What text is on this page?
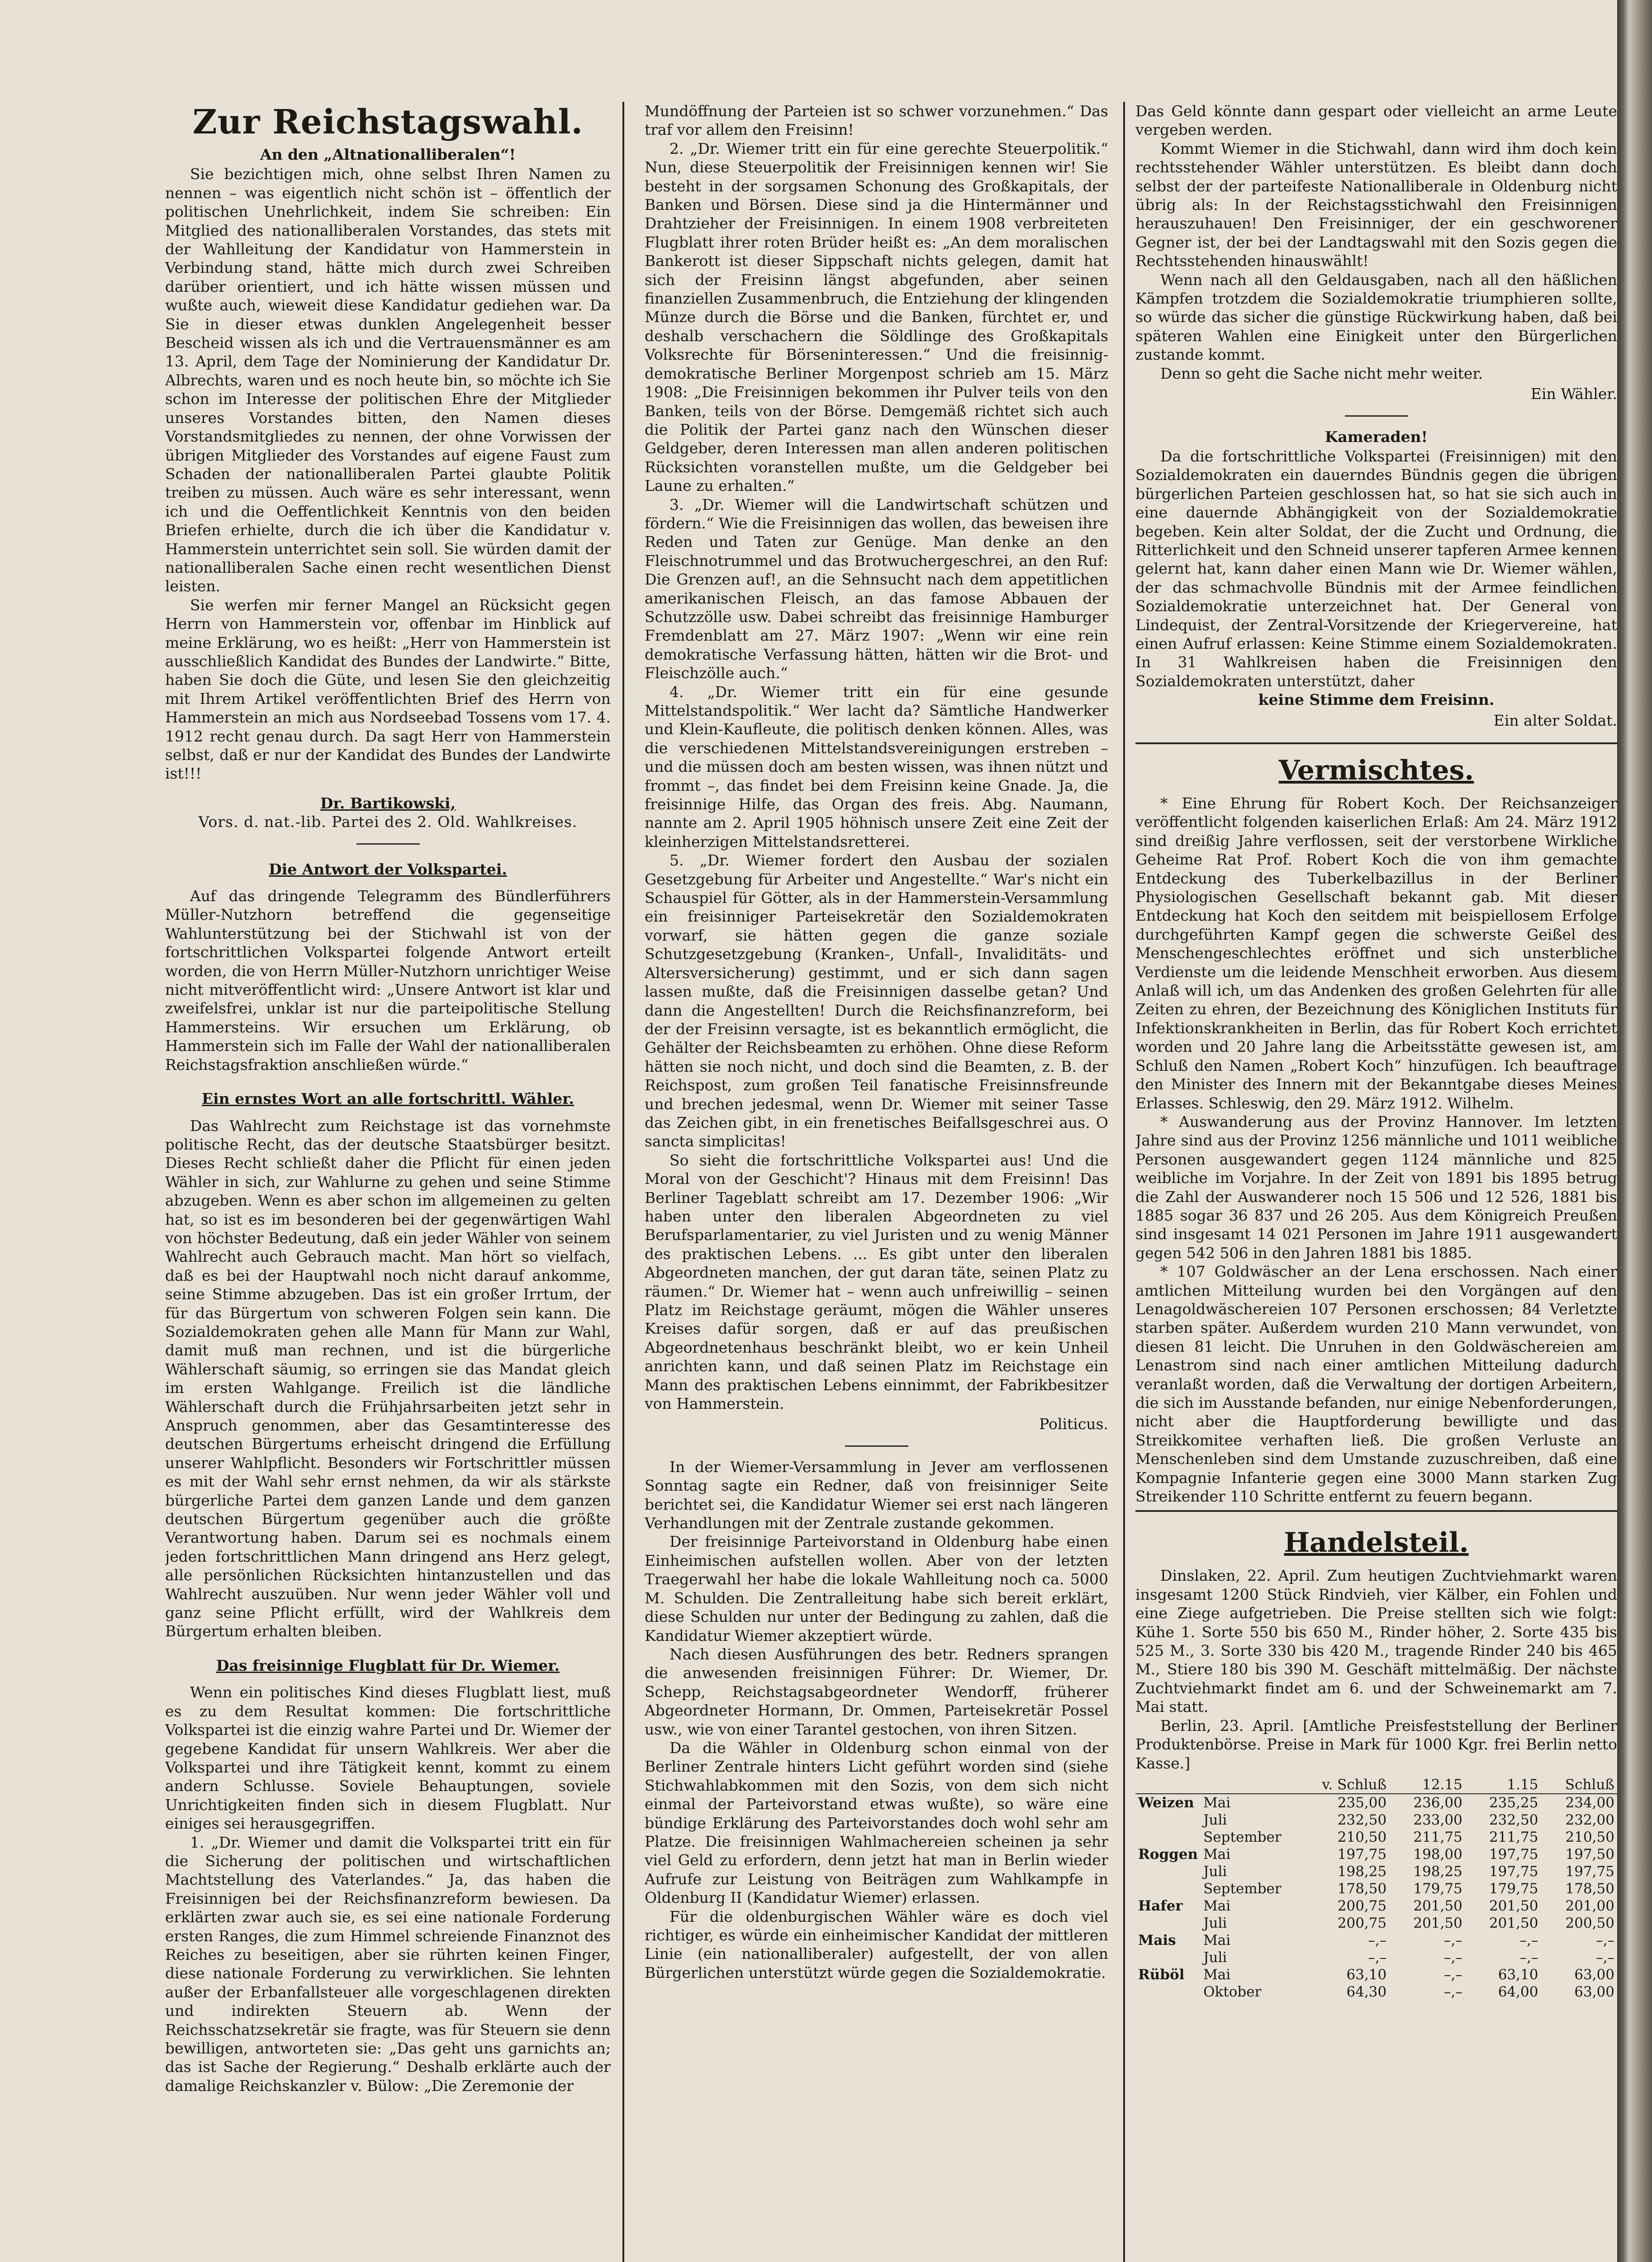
Zur Reichstagswahl.
An den „Altnationalliberalen“!

Sie bezichtigen mich, ohne selbst Ihren Namen zu nennen – was eigentlich nicht schön ist – öffentlich der politischen Unehrlichkeit, indem Sie schreiben: Ein Mitglied des nationalliberalen Vorstandes, das stets mit der Wahlleitung der Kandidatur von Hammerstein in Verbindung stand, hätte mich durch zwei Schreiben darüber orientiert, und ich hätte wissen müssen und wußte auch, wieweit diese Kandidatur gediehen war. Da Sie in dieser etwas dunklen Angelegenheit besser Bescheid wissen als ich und die Vertrauensmänner es am 13. April, dem Tage der Nominierung der Kandidatur Dr. Albrechts, waren und es noch heute bin, so möchte ich Sie schon im Interesse der politischen Ehre der Mitglieder unseres Vorstandes bitten, den Namen dieses Vorstandsmitgliedes zu nennen, der ohne Vorwissen der übrigen Mitglieder des Vorstandes auf eigene Faust zum Schaden der nationalliberalen Partei glaubte Politik treiben zu müssen. Auch wäre es sehr interessant, wenn ich und die Oeffentlichkeit Kenntnis von den beiden Briefen erhielte, durch die ich über die Kandidatur v. Hammerstein unterrichtet sein soll. Sie würden damit der nationalliberalen Sache einen recht wesentlichen Dienst leisten.

Sie werfen mir ferner Mangel an Rücksicht gegen Herrn von Hammerstein vor, offenbar im Hinblick auf meine Erklärung, wo es heißt: „Herr von Hammerstein ist ausschließlich Kandidat des Bundes der Landwirte.“ Bitte, haben Sie doch die Güte, und lesen Sie den gleichzeitig mit Ihrem Artikel veröffentlichten Brief des Herrn von Hammerstein an mich aus Nordseebad Tossens vom 17. 4. 1912 recht genau durch. Da sagt Herr von Hammerstein selbst, daß er nur der Kandidat des Bundes der Landwirte ist!!!

Dr. Bartikowski,
Vors. d. nat.-lib. Partei des 2. Old. Wahlkreises.
Die Antwort der Volkspartei.

Auf das dringende Telegramm des Bündlerführers Müller-Nutzhorn betreffend die gegenseitige Wahlunterstützung bei der Stichwahl ist von der fortschrittlichen Volkspartei folgende Antwort erteilt worden, die von Herrn Müller-Nutzhorn unrichtiger Weise nicht mitveröffentlicht wird: „Unsere Antwort ist klar und zweifelsfrei, unklar ist nur die parteipolitische Stellung Hammersteins. Wir ersuchen um Erklärung, ob Hammerstein sich im Falle der Wahl der nationalliberalen Reichstagsfraktion anschließen würde.“

Ein ernstes Wort an alle fortschrittl. Wähler.

Das Wahlrecht zum Reichstage ist das vornehmste politische Recht, das der deutsche Staatsbürger besitzt. Dieses Recht schließt daher die Pflicht für einen jeden Wähler in sich, zur Wahlurne zu gehen und seine Stimme abzugeben. Wenn es aber schon im allgemeinen zu gelten hat, so ist es im besonderen bei der gegenwärtigen Wahl von höchster Bedeutung, daß ein jeder Wähler von seinem Wahlrecht auch Gebrauch macht. Man hört so vielfach, daß es bei der Hauptwahl noch nicht darauf ankomme, seine Stimme abzugeben. Das ist ein großer Irrtum, der für das Bürgertum von schweren Folgen sein kann. Die Sozialdemokraten gehen alle Mann für Mann zur Wahl, damit muß man rechnen, und ist die bürgerliche Wählerschaft säumig, so erringen sie das Mandat gleich im ersten Wahlgange. Freilich ist die ländliche Wählerschaft durch die Frühjahrsarbeiten jetzt sehr in Anspruch genommen, aber das Gesamtinteresse des deutschen Bürgertums erheischt dringend die Erfüllung unserer Wahlpflicht. Besonders wir Fortschrittler müssen es mit der Wahl sehr ernst nehmen, da wir als stärkste bürgerliche Partei dem ganzen Lande und dem ganzen deutschen Bürgertum gegenüber auch die größte Verantwortung haben. Darum sei es nochmals einem jeden fortschrittlichen Mann dringend ans Herz gelegt, alle persönlichen Rücksichten hintanzustellen und das Wahlrecht auszuüben. Nur wenn jeder Wähler voll und ganz seine Pflicht erfüllt, wird der Wahlkreis dem Bürgertum erhalten bleiben.

Das freisinnige Flugblatt für Dr. Wiemer.

Wenn ein politisches Kind dieses Flugblatt liest, muß es zu dem Resultat kommen: Die fortschrittliche Volkspartei ist die einzig wahre Partei und Dr. Wiemer der gegebene Kandidat für unsern Wahlkreis. Wer aber die Volkspartei und ihre Tätigkeit kennt, kommt zu einem andern Schlusse. Soviele Behauptungen, soviele Unrichtigkeiten finden sich in diesem Flugblatt. Nur einiges sei herausgegriffen.

1. „Dr. Wiemer und damit die Volkspartei tritt ein für die Sicherung der politischen und wirtschaftlichen Machtstellung des Vaterlandes.“ Ja, das haben die Freisinnigen bei der Reichsfinanzreform bewiesen. Da erklärten zwar auch sie, es sei eine nationale Forderung ersten Ranges, die zum Himmel schreiende Finanznot des Reiches zu beseitigen, aber sie rührten keinen Finger, diese nationale Forderung zu verwirklichen. Sie lehnten außer der Erbanfallsteuer alle vorgeschlagenen direkten und indirekten Steuern ab. Wenn der Reichsschatzsekretär sie fragte, was für Steuern sie denn bewilligen, antworteten sie: „Das geht uns garnichts an; das ist Sache der Regierung.“ Deshalb erklärte auch der damalige Reichskanzler v. Bülow: „Die Zeremonie der

Mundöffnung der Parteien ist so schwer vorzunehmen.“ Das traf vor allem den Freisinn!

2. „Dr. Wiemer tritt ein für eine gerechte Steuerpolitik.“ Nun, diese Steuerpolitik der Freisinnigen kennen wir! Sie besteht in der sorgsamen Schonung des Großkapitals, der Banken und Börsen. Diese sind ja die Hintermänner und Drahtzieher der Freisinnigen. In einem 1908 verbreiteten Flugblatt ihrer roten Brüder heißt es: „An dem moralischen Bankerott ist dieser Sippschaft nichts gelegen, damit hat sich der Freisinn längst abgefunden, aber seinen finanziellen Zusammenbruch, die Entziehung der klingenden Münze durch die Börse und die Banken, fürchtet er, und deshalb verschachern die Söldlinge des Großkapitals Volksrechte für Börseninteressen.“ Und die freisinnig-demokratische Berliner Morgenpost schrieb am 15. März 1908: „Die Freisinnigen bekommen ihr Pulver teils von den Banken, teils von der Börse. Demgemäß richtet sich auch die Politik der Partei ganz nach den Wünschen dieser Geldgeber, deren Interessen man allen anderen politischen Rücksichten voranstellen mußte, um die Geldgeber bei Laune zu erhalten.“

3. „Dr. Wiemer will die Landwirtschaft schützen und fördern.“ Wie die Freisinnigen das wollen, das beweisen ihre Reden und Taten zur Genüge. Man denke an den Fleischnotrummel und das Brotwuchergeschrei, an den Ruf: Die Grenzen auf!, an die Sehnsucht nach dem appetitlichen amerikanischen Fleisch, an das famose Abbauen der Schutzzölle usw. Dabei schreibt das freisinnige Hamburger Fremdenblatt am 27. März 1907: „Wenn wir eine rein demokratische Verfassung hätten, hätten wir die Brot- und Fleischzölle auch.“

4. „Dr. Wiemer tritt ein für eine gesunde Mittelstandspolitik.“ Wer lacht da? Sämtliche Handwerker und Klein-Kaufleute, die politisch denken können. Alles, was die verschiedenen Mittelstandsvereinigungen erstreben – und die müssen doch am besten wissen, was ihnen nützt und frommt –, das findet bei dem Freisinn keine Gnade. Ja, die freisinnige Hilfe, das Organ des freis. Abg. Naumann, nannte am 2. April 1905 höhnisch unsere Zeit eine Zeit der kleinherzigen Mittelstandsretterei.

5. „Dr. Wiemer fordert den Ausbau der sozialen Gesetzgebung für Arbeiter und Angestellte.“ War's nicht ein Schauspiel für Götter, als in der Hammerstein-Versammlung ein freisinniger Parteisekretär den Sozialdemokraten vorwarf, sie hätten gegen die ganze soziale Schutzgesetzgebung (Kranken-, Unfall-, Invaliditäts- und Altersversicherung) gestimmt, und er sich dann sagen lassen mußte, daß die Freisinnigen dasselbe getan? Und dann die Angestellten! Durch die Reichsfinanzreform, bei der der Freisinn versagte, ist es bekanntlich ermöglicht, die Gehälter der Reichsbeamten zu erhöhen. Ohne diese Reform hätten sie noch nicht, und doch sind die Beamten, z. B. der Reichspost, zum großen Teil fanatische Freisinnsfreunde und brechen jedesmal, wenn Dr. Wiemer mit seiner Tasse das Zeichen gibt, in ein frenetisches Beifallsgeschrei aus. O sancta simplicitas!

So sieht die fortschrittliche Volkspartei aus! Und die Moral von der Geschicht'? Hinaus mit dem Freisinn! Das Berliner Tageblatt schreibt am 17. Dezember 1906: „Wir haben unter den liberalen Abgeordneten zu viel Berufsparlamentarier, zu viel Juristen und zu wenig Männer des praktischen Lebens. ... Es gibt unter den liberalen Abgeordneten manchen, der gut daran täte, seinen Platz zu räumen.“ Dr. Wiemer hat – wenn auch unfreiwillig – seinen Platz im Reichstage geräumt, mögen die Wähler unseres Kreises dafür sorgen, daß er auf das preußischen Abgeordnetenhaus beschränkt bleibt, wo er kein Unheil anrichten kann, und daß seinen Platz im Reichstage ein Mann des praktischen Lebens einnimmt, der Fabrikbesitzer von Hammerstein.

Politicus.

In der Wiemer-Versammlung in Jever am verflossenen Sonntag sagte ein Redner, daß von freisinniger Seite berichtet sei, die Kandidatur Wiemer sei erst nach längeren Verhandlungen mit der Zentrale zustande gekommen.

Der freisinnige Parteivorstand in Oldenburg habe einen Einheimischen aufstellen wollen. Aber von der letzten Traegerwahl her habe die lokale Wahlleitung noch ca. 5000 M. Schulden. Die Zentralleitung habe sich bereit erklärt, diese Schulden nur unter der Bedingung zu zahlen, daß die Kandidatur Wiemer akzeptiert würde.

Nach diesen Ausführungen des betr. Redners sprangen die anwesenden freisinnigen Führer: Dr. Wiemer, Dr. Schepp, Reichstagsabgeordneter Wendorff, früherer Abgeordneter Hormann, Dr. Ommen, Parteisekretär Possel usw., wie von einer Tarantel gestochen, von ihren Sitzen.

Da die Wähler in Oldenburg schon einmal von der Berliner Zentrale hinters Licht geführt worden sind (siehe Stichwahlabkommen mit den Sozis, von dem sich nicht einmal der Parteivorstand etwas wußte), so wäre eine bündige Erklärung des Parteivorstandes doch wohl sehr am Platze. Die freisinnigen Wahlmachereien scheinen ja sehr viel Geld zu erfordern, denn jetzt hat man in Berlin wieder Aufrufe zur Leistung von Beiträgen zum Wahlkampfe in Oldenburg II (Kandidatur Wiemer) erlassen.

Für die oldenburgischen Wähler wäre es doch viel richtiger, es würde ein einheimischer Kandidat der mittleren Linie (ein nationalliberaler) aufgestellt, der von allen Bürgerlichen unterstützt würde gegen die Sozialdemokratie.

Das Geld könnte dann gespart oder vielleicht an arme Leute vergeben werden.

Kommt Wiemer in die Stichwahl, dann wird ihm doch kein rechtsstehender Wähler unterstützen. Es bleibt dann doch selbst der der parteifeste Nationalliberale in Oldenburg nicht übrig als: In der Reichstagsstichwahl den Freisinnigen herauszuhauen! Den Freisinniger, der ein geschworener Gegner ist, der bei der Landtagswahl mit den Sozis gegen die Rechtsstehenden hinauswählt!

Wenn nach all den Geldausgaben, nach all den häßlichen Kämpfen trotzdem die Sozialdemokratie triumphieren sollte, so würde das sicher die günstige Rückwirkung haben, daß bei späteren Wahlen eine Einigkeit unter den Bürgerlichen zustande kommt.

Denn so geht die Sache nicht mehr weiter.

Ein Wähler.
Kameraden!

Da die fortschrittliche Volkspartei (Freisinnigen) mit den Sozialdemokraten ein dauerndes Bündnis gegen die übrigen bürgerlichen Parteien geschlossen hat, so hat sie sich auch in eine dauernde Abhängigkeit von der Sozialdemokratie begeben. Kein alter Soldat, der die Zucht und Ordnung, die Ritterlichkeit und den Schneid unserer tapferen Armee kennen gelernt hat, kann daher einen Mann wie Dr. Wiemer wählen, der das schmachvolle Bündnis mit der Armee feindlichen Sozialdemokratie unterzeichnet hat. Der General von Lindequist, der Zentral-Vorsitzende der Kriegervereine, hat einen Aufruf erlassen: Keine Stimme einem Sozialdemokraten. In 31 Wahlkreisen haben die Freisinnigen den Sozialdemokraten unterstützt, daher

keine Stimme dem Freisinn.
Ein alter Soldat.
Vermischtes.

* Eine Ehrung für Robert Koch. Der Reichsanzeiger veröffentlicht folgenden kaiserlichen Erlaß: Am 24. März 1912 sind dreißig Jahre verflossen, seit der verstorbene Wirkliche Geheime Rat Prof. Robert Koch die von ihm gemachte Entdeckung des Tuberkelbazillus in der Berliner Physiologischen Gesellschaft bekannt gab. Mit dieser Entdeckung hat Koch den seitdem mit beispiellosem Erfolge durchgeführten Kampf gegen die schwerste Geißel des Menschengeschlechtes eröffnet und sich unsterbliche Verdienste um die leidende Menschheit erworben. Aus diesem Anlaß will ich, um das Andenken des großen Gelehrten für alle Zeiten zu ehren, der Bezeichnung des Königlichen Instituts für Infektionskrankheiten in Berlin, das für Robert Koch errichtet worden und 20 Jahre lang die Arbeitsstätte gewesen ist, am Schluß den Namen „Robert Koch“ hinzufügen. Ich beauftrage den Minister des Innern mit der Bekanntgabe dieses Meines Erlasses. Schleswig, den 29. März 1912. Wilhelm.

* Auswanderung aus der Provinz Hannover. Im letzten Jahre sind aus der Provinz 1256 männliche und 1011 weibliche Personen ausgewandert gegen 1124 männliche und 825 weibliche im Vorjahre. In der Zeit von 1891 bis 1895 betrug die Zahl der Auswanderer noch 15 506 und 12 526, 1881 bis 1885 sogar 36 837 und 26 205. Aus dem Königreich Preußen sind insgesamt 14 021 Personen im Jahre 1911 ausgewandert gegen 542 506 in den Jahren 1881 bis 1885.

* 107 Goldwäscher an der Lena erschossen. Nach einer amtlichen Mitteilung wurden bei den Vorgängen auf den Lenagoldwäschereien 107 Personen erschossen; 84 Verletzte starben später. Außerdem wurden 210 Mann verwundet, von diesen 81 leicht. Die Unruhen in den Goldwäschereien am Lenastrom sind nach einer amtlichen Mitteilung dadurch veranlaßt worden, daß die Verwaltung der dortigen Arbeitern, die sich im Ausstande befanden, nur einige Nebenforderungen, nicht aber die Hauptforderung bewilligte und das Streikkomitee verhaften ließ. Die großen Verluste an Menschenleben sind dem Umstande zuzuschreiben, daß eine Kompagnie Infanterie gegen eine 3000 Mann starken Zug Streikender 110 Schritte entfernt zu feuern begann.

Handelsteil.

Dinslaken, 22. April. Zum heutigen Zuchtviehmarkt waren insgesamt 1200 Stück Rindvieh, vier Kälber, ein Fohlen und eine Ziege aufgetrieben. Die Preise stellten sich wie folgt: Kühe 1. Sorte 550 bis 650 M., Rinder höher, 2. Sorte 435 bis 525 M., 3. Sorte 330 bis 420 M., tragende Rinder 240 bis 465 M., Stiere 180 bis 390 M. Geschäft mittelmäßig. Der nächste Zuchtviehmarkt findet am 6. und der Schweinemarkt am 7. Mai statt.

Berlin, 23. April. [Amtliche Preisfeststellung der Berliner Produktenbörse. Preise in Mark für 1000 Kgr. frei Berlin netto Kasse.]

		v. Schluß	12.15	1.15	Schluß
Weizen	Mai	235,00	236,00	235,25	234,00
	Juli	232,50	233,00	232,50	232,00
	September	210,50	211,75	211,75	210,50
Roggen	Mai	197,75	198,00	197,75	197,50
	Juli	198,25	198,25	197,75	197,75
	September	178,50	179,75	179,75	178,50
Hafer	Mai	200,75	201,50	201,50	201,00
	Juli	200,75	201,50	201,50	200,50
Mais	Mai	–,–	–,–	–,–	–,–
	Juli	–,–	–,–	–,–	–,–
Rüböl	Mai	63,10	–,–	63,10	63,00
	Oktober	64,30	–,–	64,00	63,00
